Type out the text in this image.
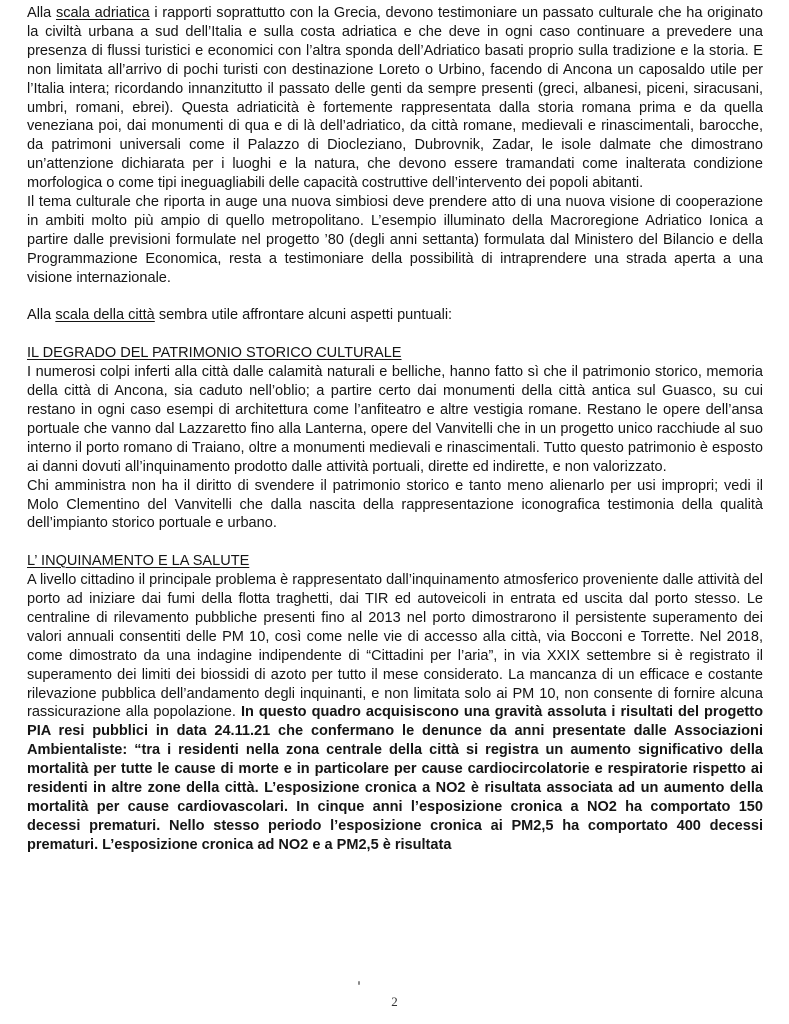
Alla scala adriatica i rapporti soprattutto con la Grecia, devono testimoniare un passato culturale che ha originato la civiltà urbana a sud dell’Italia e sulla costa adriatica e che deve in ogni caso continuare a prevedere una presenza di flussi turistici e economici con l’altra sponda dell’Adriatico basati proprio sulla tradizione e la storia. E non limitata all’arrivo di pochi turisti con destinazione Loreto o Urbino, facendo di Ancona un caposaldo utile per l’Italia intera; ricordando innanzitutto il passato delle genti da sempre presenti (greci, albanesi, piceni, siracusani, umbri, romani, ebrei). Questa adriaticità è fortemente rappresentata dalla storia romana prima e da quella veneziana poi, dai monumenti di qua e di là dell’adriatico, da città romane, medievali e rinascimentali, barocche, da patrimoni universali come il Palazzo di Diocleziano, Dubrovnik, Zadar, le isole dalmate che dimostrano un’attenzione dichiarata per i luoghi e la natura, che devono essere tramandati come inalterata condizione morfologica o come tipi ineguagliabili delle capacità costruttive dell’intervento dei popoli abitanti.

Il tema culturale che riporta in auge una nuova simbiosi deve prendere atto di una nuova visione di cooperazione in ambiti molto più ampio di quello metropolitano. L’esempio illuminato della Macroregione Adriatico Ionica a partire dalle previsioni formulate nel progetto ’80 (degli anni settanta) formulata dal Ministero del Bilancio e della Programmazione Economica, resta a testimoniare della possibilità di intraprendere una strada aperta a una visione internazionale.

Alla scala della città sembra utile affrontare alcuni aspetti puntuali:

IL DEGRADO DEL PATRIMONIO STORICO CULTURALE

I numerosi colpi inferti alla città dalle calamità naturali e belliche, hanno fatto sì che il patrimonio storico, memoria della città di Ancona, sia caduto nell’oblio; a partire certo dai monumenti della città antica sul Guasco, su cui restano in ogni caso esempi di architettura come l’anfiteatro e altre vestigia romane. Restano le opere dell’ansa portuale che vanno dal Lazzaretto fino alla Lanterna, opere del Vanvitelli che in un progetto unico racchiude al suo interno il porto romano di Traiano, oltre a monumenti medievali e rinascimentali. Tutto questo patrimonio è esposto ai danni dovuti all’inquinamento prodotto dalle attività portuali, dirette ed indirette, e non valorizzato.

Chi amministra non ha il diritto di svendere il patrimonio storico e tanto meno alienarlo per usi impropri; vedi il Molo Clementino del Vanvitelli che dalla nascita della rappresentazione iconografica testimonia della qualità dell’impianto storico portuale e urbano.

L’ INQUINAMENTO E LA SALUTE

A livello cittadino il principale problema è rappresentato dall’inquinamento atmosferico proveniente dalle attività del porto ad iniziare dai fumi della flotta traghetti, dai TIR ed autoveicoli in entrata ed uscita dal porto stesso. Le centraline di rilevamento pubbliche presenti fino al 2013 nel porto dimostrarono il persistente superamento dei valori annuali consentiti delle PM 10, così come nelle vie di accesso alla città, via Bocconi e Torrette. Nel 2018, come dimostrato da una indagine indipendente di “Cittadini per l’aria”, in via XXIX settembre si è registrato il superamento dei limiti dei biossidi di azoto per tutto il mese considerato. La mancanza di un efficace e costante rilevazione pubblica dell’andamento degli inquinanti, e non limitata solo ai PM 10, non consente di fornire alcuna rassicurazione alla popolazione. In questo quadro acquisiscono una gravità assoluta i risultati del progetto PIA resi pubblici in data 24.11.21 che confermano le denunce da anni presentate dalle Associazioni Ambientaliste: “tra i residenti nella zona centrale della città si registra un aumento significativo della mortalità per tutte le cause di morte e in particolare per cause cardiocircolatorie e respiratorie rispetto ai residenti in altre zone della città. L’esposizione cronica a NO2 è risultata associata ad un aumento della mortalità per cause cardiovascolari. In cinque anni l’esposizione cronica a NO2 ha comportato 150 decessi prematuri. Nello stesso periodo l’esposizione cronica ai PM2,5 ha comportato 400 decessi prematuri. L’esposizione cronica ad NO2 e a PM2,5 è risultata

2
